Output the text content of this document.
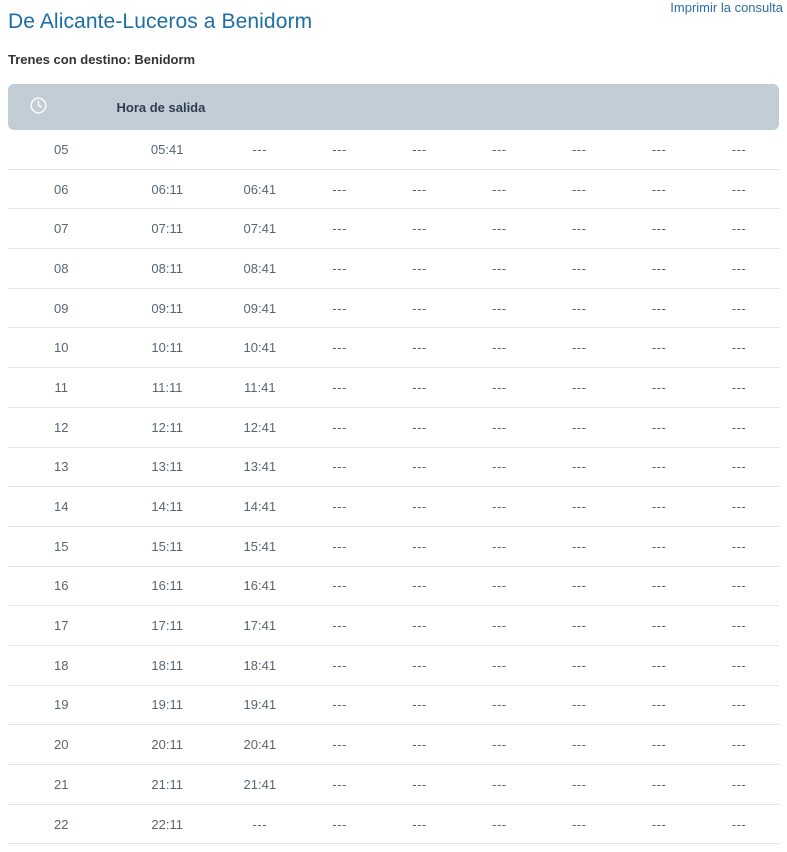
Imprimir la consulta
De Alicante-Luceros a Benidorm
Trenes con destino: Benidorm
	Hora de salida							
05	05:41	---	---	---	---	---	---	---
06	06:11	06:41	---	---	---	---	---	---
07	07:11	07:41	---	---	---	---	---	---
08	08:11	08:41	---	---	---	---	---	---
09	09:11	09:41	---	---	---	---	---	---
10	10:11	10:41	---	---	---	---	---	---
11	11:11	11:41	---	---	---	---	---	---
12	12:11	12:41	---	---	---	---	---	---
13	13:11	13:41	---	---	---	---	---	---
14	14:11	14:41	---	---	---	---	---	---
15	15:11	15:41	---	---	---	---	---	---
16	16:11	16:41	---	---	---	---	---	---
17	17:11	17:41	---	---	---	---	---	---
18	18:11	18:41	---	---	---	---	---	---
19	19:11	19:41	---	---	---	---	---	---
20	20:11	20:41	---	---	---	---	---	---
21	21:11	21:41	---	---	---	---	---	---
22	22:11	---	---	---	---	---	---	---
